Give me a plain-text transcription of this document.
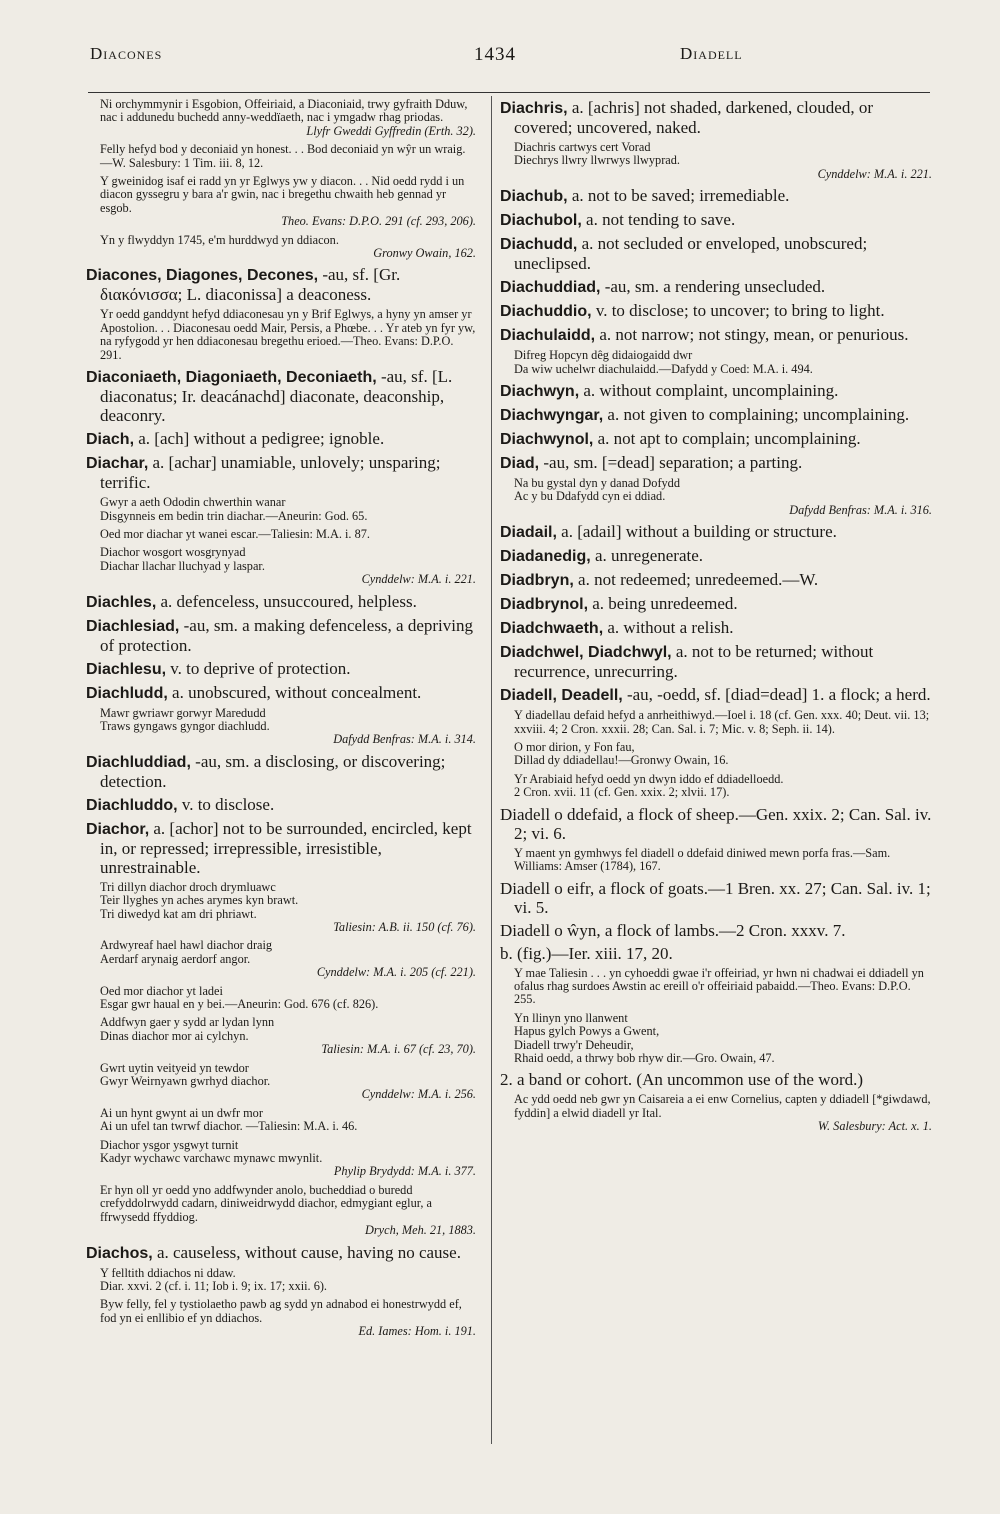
Diacones	1434	Diadell
Ni orchymmynir i Esgobion, Offeiriaid, a Diaconiaid, trwy gyfraith Dduw, nac i addunedu buchedd anny-weddïaeth, nac i ymgadw rhag priodas.
Llyfr Gweddi Gyffredin (Erth. 32).
Felly hefyd bod y deconiaid yn honest. . . Bod deconiaid yn wŷr un wraig.—W. Salesbury: 1 Tim. iii. 8, 12.
Y gweinidog isaf ei radd yn yr Eglwys yw y diacon. . . Nid oedd rydd i un diacon gyssegru y bara a'r gwin, nac i bregethu chwaith heb gennad yr esgob.
Theo. Evans: D.P.O. 291 (cf. 293, 206).
Yn y flwyddyn 1745, e'm hurddwyd yn ddiacon.
Gronwy Owain, 162.

Diacones, Diagones, Decones, -au, sf. [Gr. διακόνισσα; L. diaconissa] a deaconess.

Yr oedd ganddynt hefyd ddiaconesau yn y Brif Eglwys, a hyny yn amser yr Apostolion. . . Diaconesau oedd Mair, Persis, a Phœbe. . . Yr ateb yn fyr yw, na ryfygodd yr hen ddiaconesau bregethu erioed.—Theo. Evans: D.P.O. 291.

Diaconiaeth, Diagoniaeth, Deconiaeth, -au, sf. [L. diaconatus; Ir. deacánachd] diaconate, deaconship, deaconry.

Diach, a. [ach] without a pedigree; ignoble.

Diachar, a. [achar] unamiable, unlovely; unsparing; terrific.

Gwyr a aeth Ododin chwerthin wanar
Disgynneis em bedin trin diachar.—Aneurin: God. 65.
Oed mor diachar yt wanei escar.—Taliesin: M.A. i. 87.
Diachor wosgort wosgrynyad
Diachar llachar lluchyad y laspar.
Cynddelw: M.A. i. 221.

Diachles, a. defenceless, unsuccoured, helpless.

Diachlesiad, -au, sm. a making defenceless, a depriving of protection.

Diachlesu, v. to deprive of protection.

Diachludd, a. unobscured, without concealment.

Mawr gwriawr gorwyr Maredudd
Traws gyngaws gyngor diachludd.
Dafydd Benfras: M.A. i. 314.

Diachluddiad, -au, sm. a disclosing, or discovering; detection.

Diachluddo, v. to disclose.

Diachor, a. [achor] not to be surrounded, encircled, kept in, or repressed; irrepressible, irresistible, unrestrainable.

Tri dillyn diachor droch drymluawc
Teir llyghes yn aches arymes kyn brawt.
Tri diwedyd kat am dri phriawt.
Taliesin: A.B. ii. 150 (cf. 76).
Ardwyreaf hael hawl diachor draig
Aerdarf arynaig aerdorf angor.
Cynddelw: M.A. i. 205 (cf. 221).
Oed mor diachor yt ladei
Esgar gwr haual en y bei.—Aneurin: God. 676 (cf. 826).
Addfwyn gaer y sydd ar lydan lynn
Dinas diachor mor ai cylchyn.
Taliesin: M.A. i. 67 (cf. 23, 70).
Gwrt uytin veityeid yn tewdor
Gwyr Weirnyawn gwrhyd diachor.
Cynddelw: M.A. i. 256.
Ai un hynt gwynt ai un dwfr mor
Ai un ufel tan twrwf diachor. —Taliesin: M.A. i. 46.
Diachor ysgor ysgwyt turnit
Kadyr wychawc varchawc mynawc mwynlit.
Phylip Brydydd: M.A. i. 377.
Er hyn oll yr oedd yno addfwynder anolo, bucheddiad o buredd crefyddolrwydd cadarn, diniweidrwydd diachor, edmygiant eglur, a ffrwysedd ffyddiog.
Drych, Meh. 21, 1883.

Diachos, a. causeless, without cause, having no cause.

Y felltith ddiachos ni ddaw.
Diar. xxvi. 2 (cf. i. 11; Iob i. 9; ix. 17; xxii. 6).
Byw felly, fel y tystiolaetho pawb ag sydd yn adnabod ei honestrwydd ef, fod yn ei enllibio ef yn ddiachos.
Ed. Iames: Hom. i. 191.

Diachris, a. [achris] not shaded, darkened, clouded, or covered; uncovered, naked.

Diachris cartwys cert Vorad
Diechrys llwry llwrwys llwyprad.
Cynddelw: M.A. i. 221.

Diachub, a. not to be saved; irremediable.

Diachubol, a. not tending to save.

Diachudd, a. not secluded or enveloped, unobscured; uneclipsed.

Diachuddiad, -au, sm. a rendering unsecluded.

Diachuddio, v. to disclose; to uncover; to bring to light.

Diachulaidd, a. not narrow; not stingy, mean, or penurious.

Difreg Hopcyn dêg didaiogaidd dwr
Da wiw uchelwr diachulaidd.—Dafydd y Coed: M.A. i. 494.

Diachwyn, a. without complaint, uncomplaining.

Diachwyngar, a. not given to complaining; uncomplaining.

Diachwynol, a. not apt to complain; uncomplaining.

Diad, -au, sm. [=dead] separation; a parting.

Na bu gystal dyn y danad Dofydd
Ac y bu Ddafydd cyn ei ddiad.
Dafydd Benfras: M.A. i. 316.

Diadail, a. [adail] without a building or structure.

Diadanedig, a. unregenerate.

Diadbryn, a. not redeemed; unredeemed.—W.

Diadbrynol, a. being unredeemed.

Diadchwaeth, a. without a relish.

Diadchwel, Diadchwyl, a. not to be returned; without recurrence, unrecurring.

Diadell, Deadell, -au, -oedd, sf. [diad=dead] 1. a flock; a herd.

Y diadellau defaid hefyd a anrheithiwyd.—Ioel i. 18 (cf. Gen. xxx. 40; Deut. vii. 13; xxviii. 4; 2 Cron. xxxii. 28; Can. Sal. i. 7; Mic. v. 8; Seph. ii. 14).
O mor dirion, y Fon fau,
Dillad dy ddiadellau!—Gronwy Owain, 16.
Yr Arabiaid hefyd oedd yn dwyn iddo ef ddiadelloedd.
2 Cron. xvii. 11 (cf. Gen. xxix. 2; xlvii. 17).

Diadell o ddefaid, a flock of sheep.—Gen. xxix. 2; Can. Sal. iv. 2; vi. 6.

Y maent yn gymhwys fel diadell o ddefaid diniwed mewn porfa fras.—Sam. Williams: Amser (1784), 167.

Diadell o eifr, a flock of goats.—1 Bren. xx. 27; Can. Sal. iv. 1; vi. 5.

Diadell o ŵyn, a flock of lambs.—2 Cron. xxxv. 7.

b. (fig.)—Ier. xiii. 17, 20.

Y mae Taliesin . . . yn cyhoeddi gwae i'r offeiriad, yr hwn ni chadwai ei ddiadell yn ofalus rhag surdoes Awstin ac ereill o'r offeiriaid pabaidd.—Theo. Evans: D.P.O. 255.
Yn llinyn yno llanwent
Hapus gylch Powys a Gwent,
Diadell trwy'r Deheudir,
Rhaid oedd, a thrwy bob rhyw dir.—Gro. Owain, 47.

2. a band or cohort. (An uncommon use of the word.)

Ac ydd oedd neb gwr yn Caisareia a ei enw Cornelius, capten y ddiadell [*giwdawd, fyddin] a elwid diadell yr Ital.
W. Salesbury: Act. x. 1.
